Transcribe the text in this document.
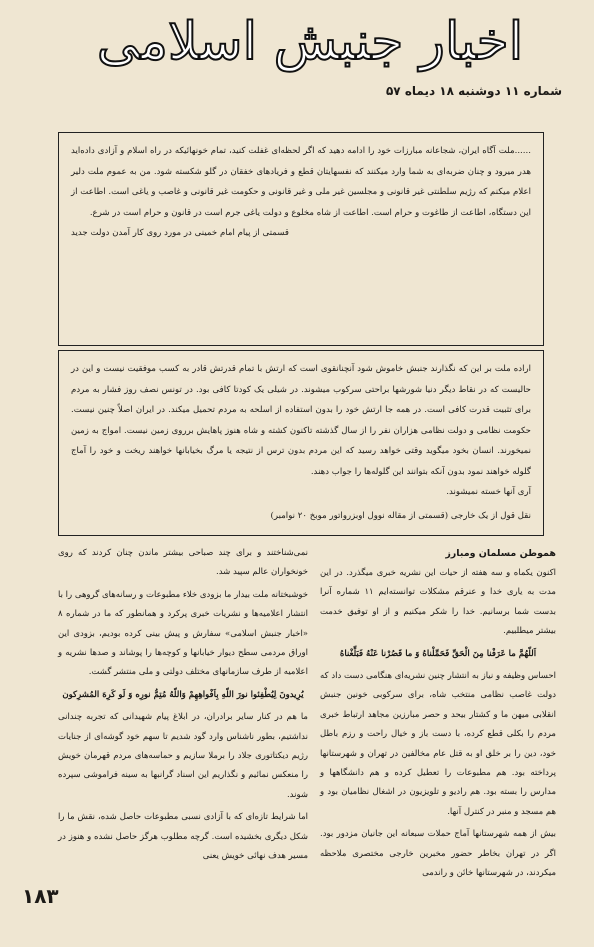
اخبار جنبش اسلامی
شماره ۱۱ دوشنبه ۱۸ دیماه ۵۷
......ملت آگاه ایران، شجاعانه مبارزات خود را ادامه دهید که اگر لحظه‌ای غفلت کنید، تمام خونهائیکه در راه اسلام و آزادی داده‌اید هدر میرود و چنان ضربه‌ای به شما وارد میکنند که نفسهایتان قطع و فریادهای خفقان در گلو شکسته شود. من به عموم ملت دلیر اعلام میکنم که رژیم سلطنتی غیر قانونی و مجلسین غیر ملی و غیر قانونی و حکومت غیر قانونی و غاصب و یاغی است. اطاعت از این دستگاه، اطاعت از طاغوت و حرام است. اطاعت از شاه مخلوع و دولت یاغی جرم است در قانون و حرام است در شرع.
قسمتی از پیام امام خمینی در مورد روی کار آمدن دولت جدید
اراده ملت بر این که نگذارند جنبش خاموش شود آنچنانقوی است که ارتش با تمام قدرتش قادر به کسب موفقیت نیست و این در حالیست که در نقاط دیگر دنیا شورشها براحتی سرکوب میشوند. در شیلی یک کودتا کافی بود. در تونس نصف روز فشار به مردم برای تثبیت قدرت کافی است. در همه جا ارتش خود را بدون استفاده از اسلحه به مردم تحمیل میکند. در ایران اصلاً چنین نیست. حکومت نظامی و دولت نظامی هزاران نفر را از سال گذشته تاکنون کشته و شاه هنوز پاهایش برروی زمین نیست. امواج به زمین نمیخورند. انسان بخود میگوید وقتی خواهد رسید که این مردم بدون ترس از نتیجه یا مرگ بخیابانها خواهند ریخت و خود را آماج گلوله خواهند نمود بدون آنکه بتوانند این گلوله‌ها را جواب دهند.
آری آنها خسته نمیشوند.
نقل قول از یک خارجی (قسمتی از مقاله نوول اوبزرواتور موبخ ۲۰ نوامبر)
هموطن مسلمان ومبارز
اکنون یکماه و سه هفته از حیات این نشریه خبری میگذرد. در این مدت به یاری خدا و عنرقم مشکلات توانسته‌ایم ۱۱ شماره آنرا بدست شما برسانیم. خدا را شکر میکنیم و از او توفیق خدمت بیشتر میطلبیم.
اَللّهُمَّ ما عَرَفْنا مِنَ الْحَقِّ فَحَمِّلْناهُ وَ ما قَصُرْنا عَنْهُ فَبَلِّغْناهُ
احساس وظیفه و نیاز به انتشار چنین نشریه‌ای هنگامی دست داد که دولت غاصب نظامی منتخب شاه، برای سرکوبی خونین جنبش انقلابی میهن ما و کشتار بیحد و حصر مبارزین مجاهد ارتباط خبری مردم را بکلی قطع کرده، با دست باز و خیال راحت و رزم باطل خود، دین را بر خلق او به قتل عام مخالفین در تهران و شهرستانها پرداخته بود. هم مطبوعات را تعطیل کرده و هم دانشگاهها و مدارس را بسته بود. هم رادیو و تلویزیون در اشغال نظامیان بود و هم مسجد و منبر در کنترل آنها.
بیش از همه شهرستانها آماج حملات سبعانه این جانیان مزدور بود. اگر در تهران بخاطر حضور مخبرین خارجی مختصری ملاحظه میکردند، در شهرستانها خائن و راندمی
نمی‌شناختند و برای چند صباحی بیشتر ماندن چنان کردند که روی خونخواران عالم سپید شد.
خوشبختانه ملت بیدار ما بزودی خلاء مطبوعات و رسانه‌های گروهی را با انتشار اعلامیه‌ها و نشریات خبری پرکرد و همانطور که ما در شماره ۸ «اخبار جنبش اسلامی» سفارش و پیش بینی کرده بودیم، بزودی این اوراق مردمی سطح دیوار خیابانها و کوچه‌ها را پوشاند و صدها نشریه و اعلامیه از طرف سازمانهای مختلف دولتی و ملی منتشر گشت.
یُرِیدونَ لِیُطْفِئوا نورَ اللّهِ بِاَفْواهِهِمْ وَاللّهُ مُتِمُّ نورِه وَ لَو کَرِهَ المُشرِکون
ما هم در کنار سایر برادران، در ابلاغ پیام شهیدانی که تجربه چندانی نداشتیم، بطور ناشناس وارد گود شدیم تا سهم خود گوشه‌ای از جنایات رژیم دیکتاتوری جلاد را برملا سازیم و حماسه‌های مردم قهرمان خویش را منعکس نمائیم و نگذاریم این اسناد گرانبها به سینه فراموشی سپرده شوند.
اما شرایط تازه‌ای که با آزادی نسبی مطبوعات حاصل شده، نقش ما را شکل دیگری بخشیده است. گرچه مطلوب هرگز حاصل نشده و هنوز در مسیر هدف نهائی خویش یعنی
۱۸۳
